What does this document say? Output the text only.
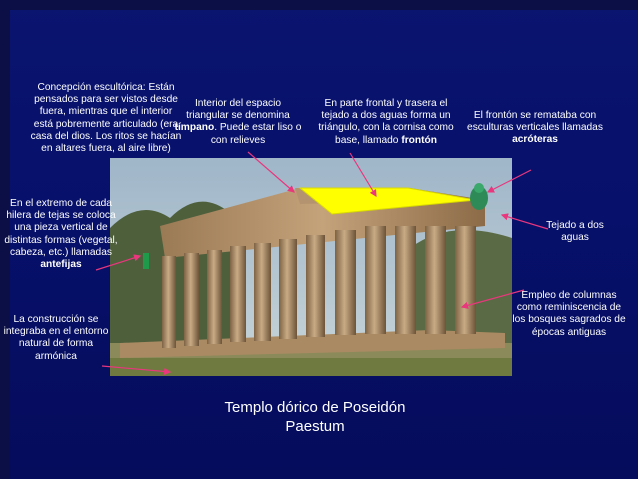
Concepción escultórica: Están pensados para ser vistos desde fuera, mientras que el interior está pobremente articulado (era casa del dios. Los ritos se hacían en altares fuera, al aire libre)
Interior del espacio triangular se denomina tímpano. Puede estar liso o con relieves
En parte frontal y trasera el tejado a dos aguas forma un triángulo, con la cornisa como base, llamado frontón
El frontón se remataba con esculturas verticales llamadas acróteras
En el extremo de cada hilera de tejas se coloca una pieza vertical de distintas formas (vegetal, cabeza, etc.) llamadas antefijas
Tejado a dos aguas
Empleo de columnas como reminiscencia de los bosques sagrados de épocas antiguas
La construcción se integraba en el entorno natural de forma armónica
Templo dórico de Poseidón
Paestum
